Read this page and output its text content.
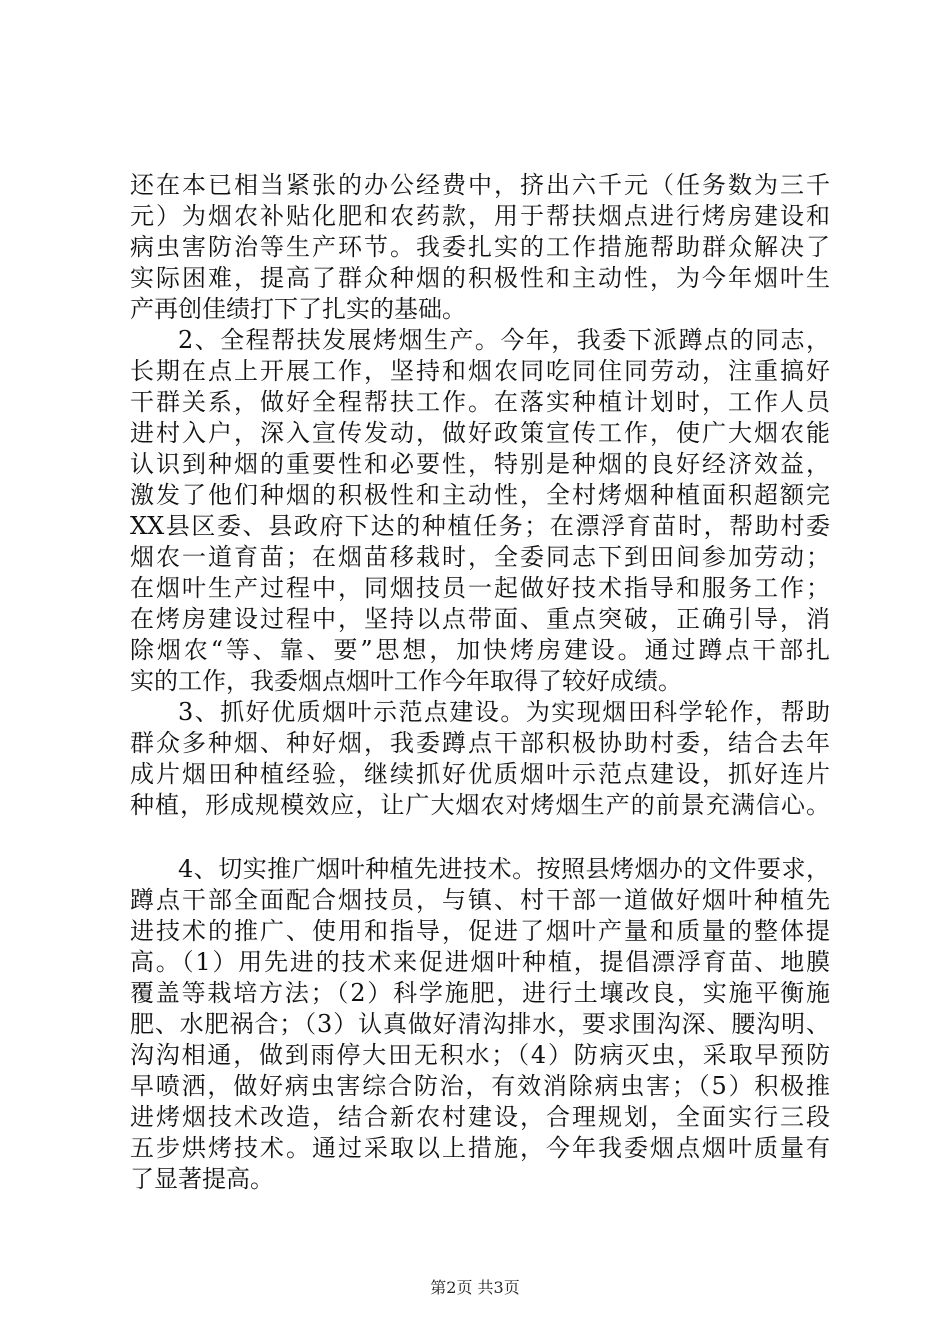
还在本已相当紧张的办公经费中，挤出六千元（任务数为三千
元）为烟农补贴化肥和农药款，用于帮扶烟点进行烤房建设和
病虫害防治等生产环节。我委扎实的工作措施帮助群众解决了
实际困难，提高了群众种烟的积极性和主动性，为今年烟叶生
产再创佳绩打下了扎实的基础。
2、全程帮扶发展烤烟生产。今年，我委下派蹲点的同志，
长期在点上开展工作，坚持和烟农同吃同住同劳动，注重搞好
干群关系，做好全程帮扶工作。在落实种植计划时，工作人员
进村入户，深入宣传发动，做好政策宣传工作，使广大烟农能
认识到种烟的重要性和必要性，特别是种烟的良好经济效益，
激发了他们种烟的积极性和主动性，全村烤烟种植面积超额完
XX县区委、县政府下达的种植任务；在漂浮育苗时，帮助村委
烟农一道育苗；在烟苗移栽时，全委同志下到田间参加劳动；
在烟叶生产过程中，同烟技员一起做好技术指导和服务工作；
在烤房建设过程中，坚持以点带面、重点突破，正确引导，消
除烟农“等、靠、要”思想，加快烤房建设。通过蹲点干部扎
实的工作，我委烟点烟叶工作今年取得了较好成绩。
3、抓好优质烟叶示范点建设。为实现烟田科学轮作，帮助
群众多种烟、种好烟，我委蹲点干部积极协助村委，结合去年
成片烟田种植经验，继续抓好优质烟叶示范点建设，抓好连片
种植，形成规模效应，让广大烟农对烤烟生产的前景充满信心。
4、切实推广烟叶种植先进技术。按照县烤烟办的文件要求，
蹲点干部全面配合烟技员，与镇、村干部一道做好烟叶种植先
进技术的推广、使用和指导，促进了烟叶产量和质量的整体提
高。（1）用先进的技术来促进烟叶种植，提倡漂浮育苗、地膜
覆盖等栽培方法；（2）科学施肥，进行土壤改良，实施平衡施
肥、水肥祸合；（3）认真做好清沟排水，要求围沟深、腰沟明、
沟沟相通，做到雨停大田无积水；（4）防病灭虫，采取早预防
早喷洒，做好病虫害综合防治，有效消除病虫害；（5）积极推
进烤烟技术改造，结合新农村建设，合理规划，全面实行三段
五步烘烤技术。通过采取以上措施，今年我委烟点烟叶质量有
了显著提高。
第2页 共3页
